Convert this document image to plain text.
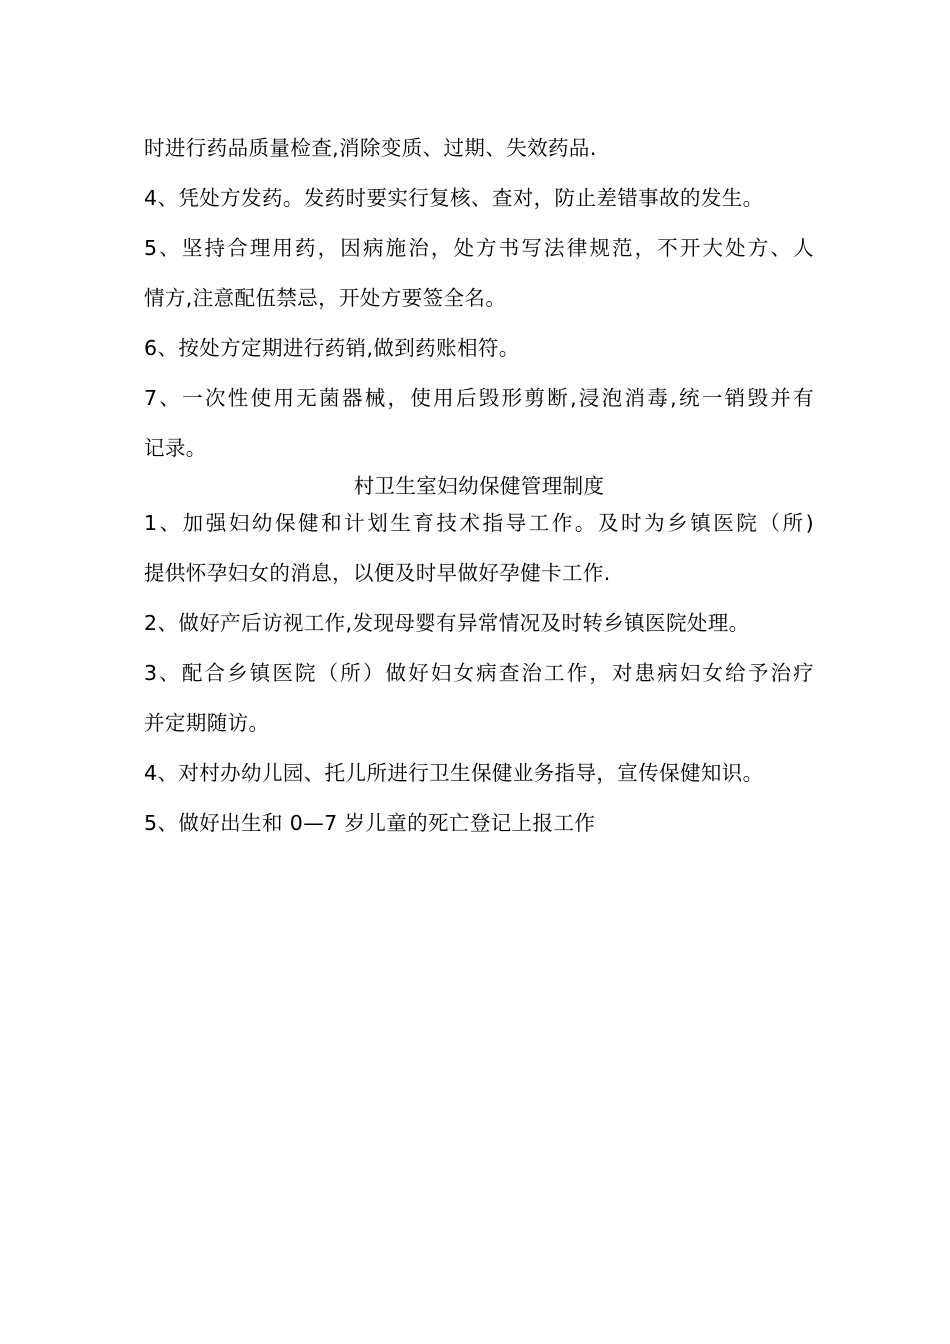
时进行药品质量检查,消除变质、过期、失效药品.
4、凭处方发药。发药时要实行复核、查对，防止差错事故的发生。
5、坚持合理用药，因病施治，处方书写法律规范，不开大处方、人
情方,注意配伍禁忌，开处方要签全名。
6、按处方定期进行药销,做到药账相符。
7、一次性使用无菌器械，使用后毁形剪断,浸泡消毒,统一销毁并有
记录。
村卫生室妇幼保健管理制度
1、加强妇幼保健和计划生育技术指导工作。及时为乡镇医院（所)
提供怀孕妇女的消息，以便及时早做好孕健卡工作.
2、做好产后访视工作,发现母婴有异常情况及时转乡镇医院处理。
3、配合乡镇医院（所）做好妇女病查治工作，对患病妇女给予治疗
并定期随访。
4、对村办幼儿园、托儿所进行卫生保健业务指导，宣传保健知识。
5、做好出生和 0—7 岁儿童的死亡登记上报工作
